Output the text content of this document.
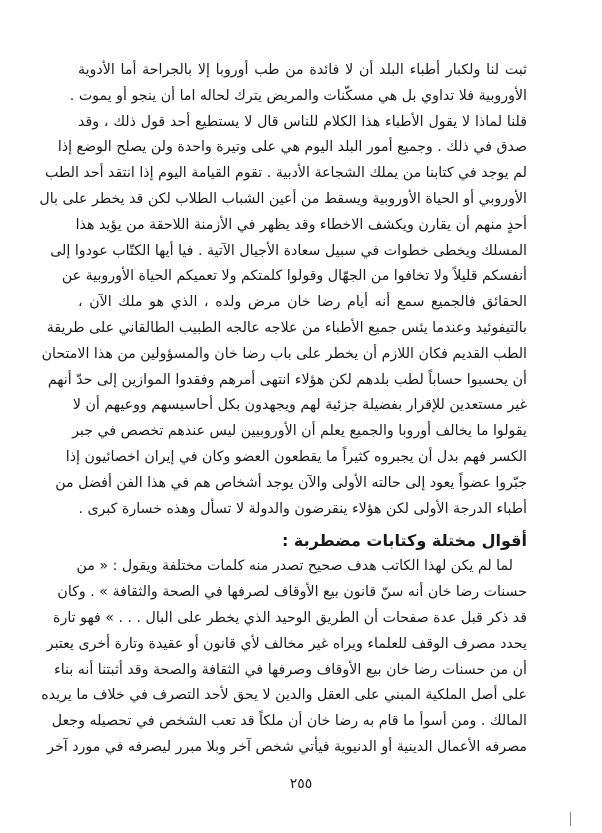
ثبت لنا ولكبار أطباء البلد أن لا فائدة من طب أوروبا إلا بالجراحة أما الأدوية
الأوروبية فلا تداوي بل هي مسكّنات والمريض يترك لحاله اما أن ينجو أو يموت .
قلنا لماذا لا يقول الأطباء هذا الكلام للناس قال لا يستطيع أحد قول ذلك ، وقد
صدق في ذلك . وجميع أمور البلد اليوم هي على وتيرة واحدة ولن يصلح الوضع إذا
لم يوجد في كتابنا من يملك الشجاعة الأدبية . تقوم القيامة اليوم إذا انتقد أحد الطب
الأوروبي أو الحياة الأوروبية ويسقط من أعين الشباب الطلاب لكن قد يخطر على بال
أحدٍ منهم أن يقارن ويكشف الاخطاء وقد يظهر في الأزمنة اللاحقة من يؤيد هذا
المسلك ويخطى خطوات في سبيل سعادة الأجيال الآتية . فيا أيها الكتّاب عودوا إلى
أنفسكم قليلاً ولا تخافوا من الجهّال وقولوا كلمتكم ولا تعميكم الحياة الأوروبية عن
الحقائق فالجميع سمع أنه أيام رضا خان مرض ولده ، الذي هو ملك الآن ،
بالتيفوئيد وعندما يئس جميع الأطباء من علاجه عالجه الطبيب الطالقاني على طريقة
الطب القديم فكان اللازم أن يخطر على باب رضا خان والمسؤولين من هذا الامتحان
أن يحسبوا حساباً لطب بلدهم لكن هؤلاء انتهى أمرهم وفقدوا الموازين إلى حدّ أنهم
غير مستعدين للإقرار بفضيلة جزئية لهم ويجهدون بكل أحاسيسهم ووعيهم أن لا
يقولوا ما يخالف أوروبا والجميع يعلم أن الأوروبيين ليس عندهم تخصص في جبر
الكسر فهم بدل أن يجبروه كثيراً ما يقطعون العضو وكان في إيران اخصائيون إذا
جبّروا عضواً يعود إلى حالته الأولى والآن يوجد أشخاص هم في هذا الفن أفضل من
أطباء الدرجة الأولى لكن هؤلاء ينقرضون والدولة لا تسأل وهذه خسارة كبرى .
أقوال مختلة وكتابات مضطربة :
لما لم يكن لهذا الكاتب هدف صحيح تصدر منه كلمات مختلفة ويقول : « من
حسنات رضا خان أنه سنّ قانون بيع الأوقاف لصرفها في الصحة والثقافة » . وكان
قد ذكر قبل عدة صفحات أن الطريق الوحيد الذي يخطر على البال . . . » فهو تارة
يحدد مصرف الوقف للعلماء ويراه غير مخالف لأي قانون أو عقيدة وتارة أخرى يعتبر
أن من حسنات رضا خان بيع الأوقاف وصرفها في الثقافة والصحة وقد أثبتنا أنه بناء
على أصل الملكية المبني على العقل والدين لا يحق لأحد التصرف في خلاف ما يريده
المالك . ومن أسوأ ما قام به رضا خان أن ملكاً قد تعب الشخص في تحصيله وجعل
مصرفه الأعمال الدينية أو الدنيوية فيأتي شخص آخر وبلا مبرر ليصرفه في مورد آخر
٢٥٥
